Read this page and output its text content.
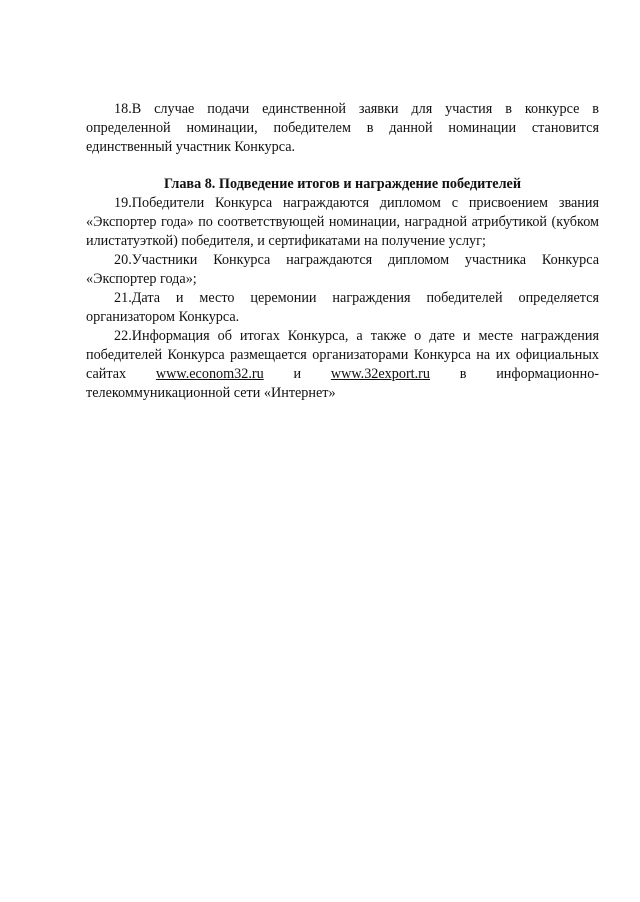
18.В случае подачи единственной заявки для участия в конкурсе в определенной номинации, победителем в данной номинации становится единственный участник Конкурса.

Глава 8. Подведение итогов и награждение победителей

19.Победители Конкурса награждаются дипломом с присвоением звания «Экспортер года» по соответствующей номинации, наградной атрибутикой (кубком илистатуэткой) победителя, и сертификатами на получение услуг;

20.Участники Конкурса награждаются дипломом участника Конкурса «Экспортер года»;

21.Дата и место церемонии награждения победителей определяется организатором Конкурса.

22.Информация об итогах Конкурса, а также о дате и месте награждения победителей Конкурса размещается организаторами Конкурса на их официальных сайтах www.econom32.ru и www.32export.ru в информационно-телекоммуникационной сети «Интернет»
